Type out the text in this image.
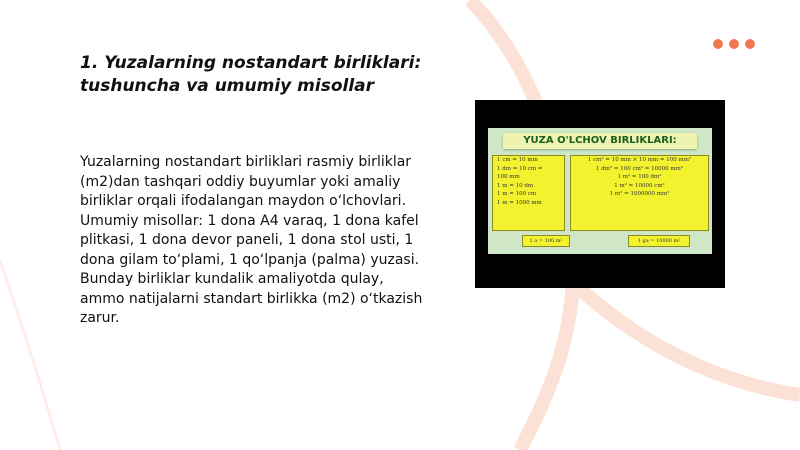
1. Yuzalarning nostandart birliklari:
tushuncha va umumiy misollar

Yuzalarning nostandart birliklari rasmiy birliklar (m2)dan tashqari oddiy buyumlar yoki amaliy birliklar orqali ifodalangan maydon o‘lchovlari. Umumiy misollar: 1 dona A4 varaq, 1 dona kafel plitkasi, 1 dona devor paneli, 1 dona stol usti, 1 dona gilam to‘plami, 1 qo‘lpanja (palma) yuzasi. Bunday birliklar kundalik amaliyotda qulay, ammo natijalarni standart birlikka (m2) o‘tkazish zarur.

YUZA O'LCHOV BIRLIKLARI:
1 cm = 10 mm
1 dm = 10 cm =
100 mm
1 m = 10 dm
1 m = 100 cm
1 m = 1000 mm
1 cm² = 10 mm × 10 mm = 100 mm²
1 dm² = 100 cm² = 10000 mm²
1 m² = 100 dm²
1 m² = 10000 cm²
1 m² = 1000000 mm²
1 a = 100 m²	1 ga = 10000 m²
